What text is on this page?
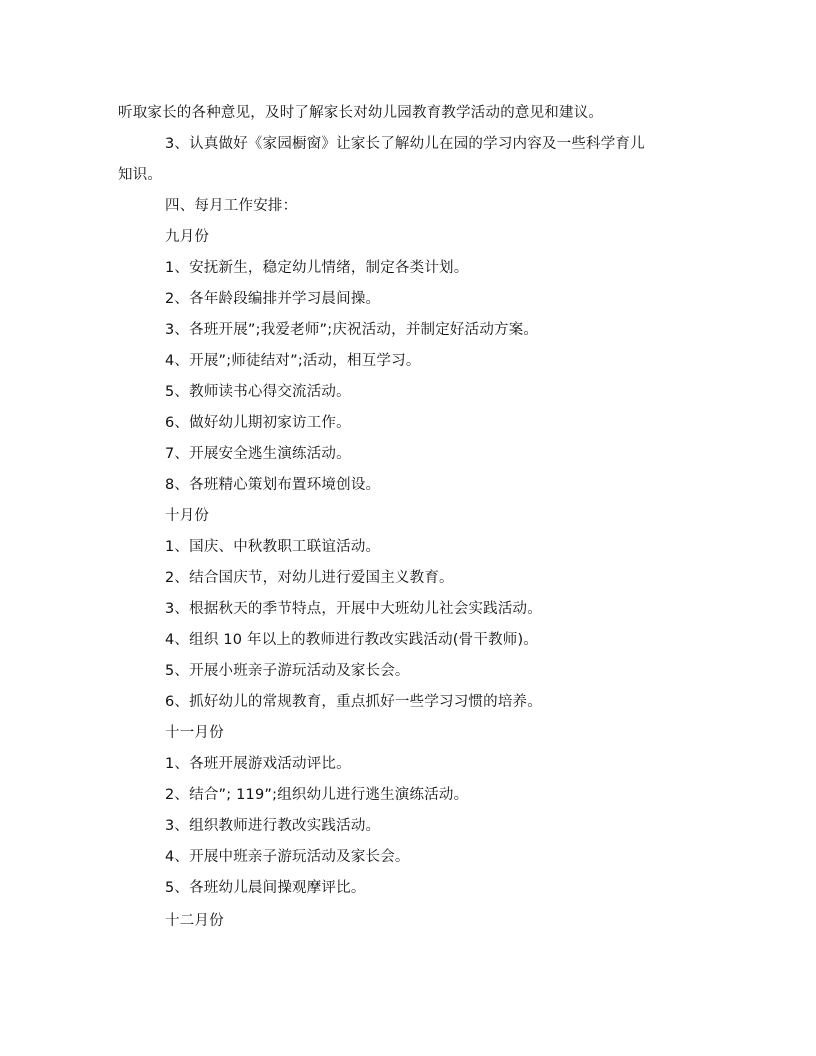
听取家长的各种意见，及时了解家长对幼儿园教育教学活动的意见和建议。
3、认真做好《家园橱窗》让家长了解幼儿在园的学习内容及一些科学育儿
知识。
四、每月工作安排：
九月份
1、安抚新生，稳定幼儿情绪，制定各类计划。
2、各年龄段编排并学习晨间操。
3、各班开展”;我爱老师”;庆祝活动，并制定好活动方案。
4、开展”;师徒结对”;活动，相互学习。
5、教师读书心得交流活动。
6、做好幼儿期初家访工作。
7、开展安全逃生演练活动。
8、各班精心策划布置环境创设。
十月份
1、国庆、中秋教职工联谊活动。
2、结合国庆节，对幼儿进行爱国主义教育。
3、根据秋天的季节特点，开展中大班幼儿社会实践活动。
4、组织 10 年以上的教师进行教改实践活动(骨干教师)。
5、开展小班亲子游玩活动及家长会。
6、抓好幼儿的常规教育，重点抓好一些学习习惯的培养。
十一月份
1、各班开展游戏活动评比。
2、结合”; 119”;组织幼儿进行逃生演练活动。
3、组织教师进行教改实践活动。
4、开展中班亲子游玩活动及家长会。
5、各班幼儿晨间操观摩评比。
十二月份
